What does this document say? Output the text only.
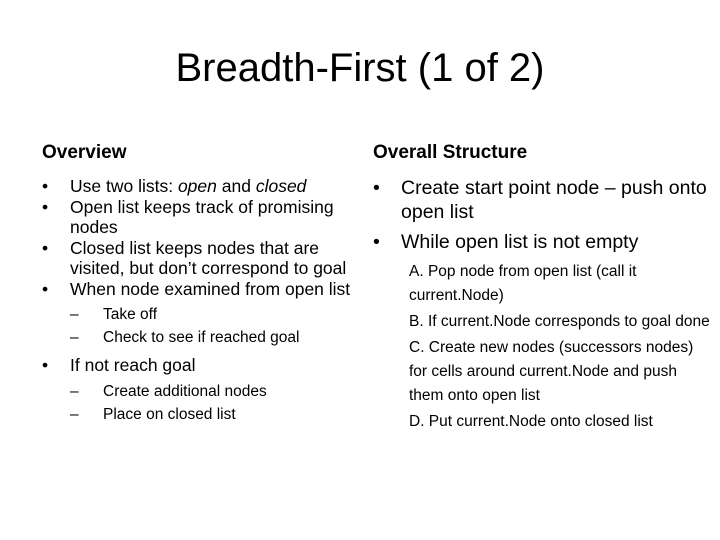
Breadth-First (1 of 2)
Overview
• Use two lists: open and closed
• Open list keeps track of promising nodes
• Closed list keeps nodes that are visited, but don’t correspond to goal
• When node examined from open list
– Take off
– Check to see if reached goal
• If not reach goal
– Create additional nodes
– Place on closed list
Overall Structure
• Create start point node – push onto open list
• While open list is not empty
A. Pop node from open list (call it current.Node)
B. If current.Node corresponds to goal done
C. Create new nodes (successors nodes) for cells around current.Node and push them onto open list
D. Put current.Node onto closed list
